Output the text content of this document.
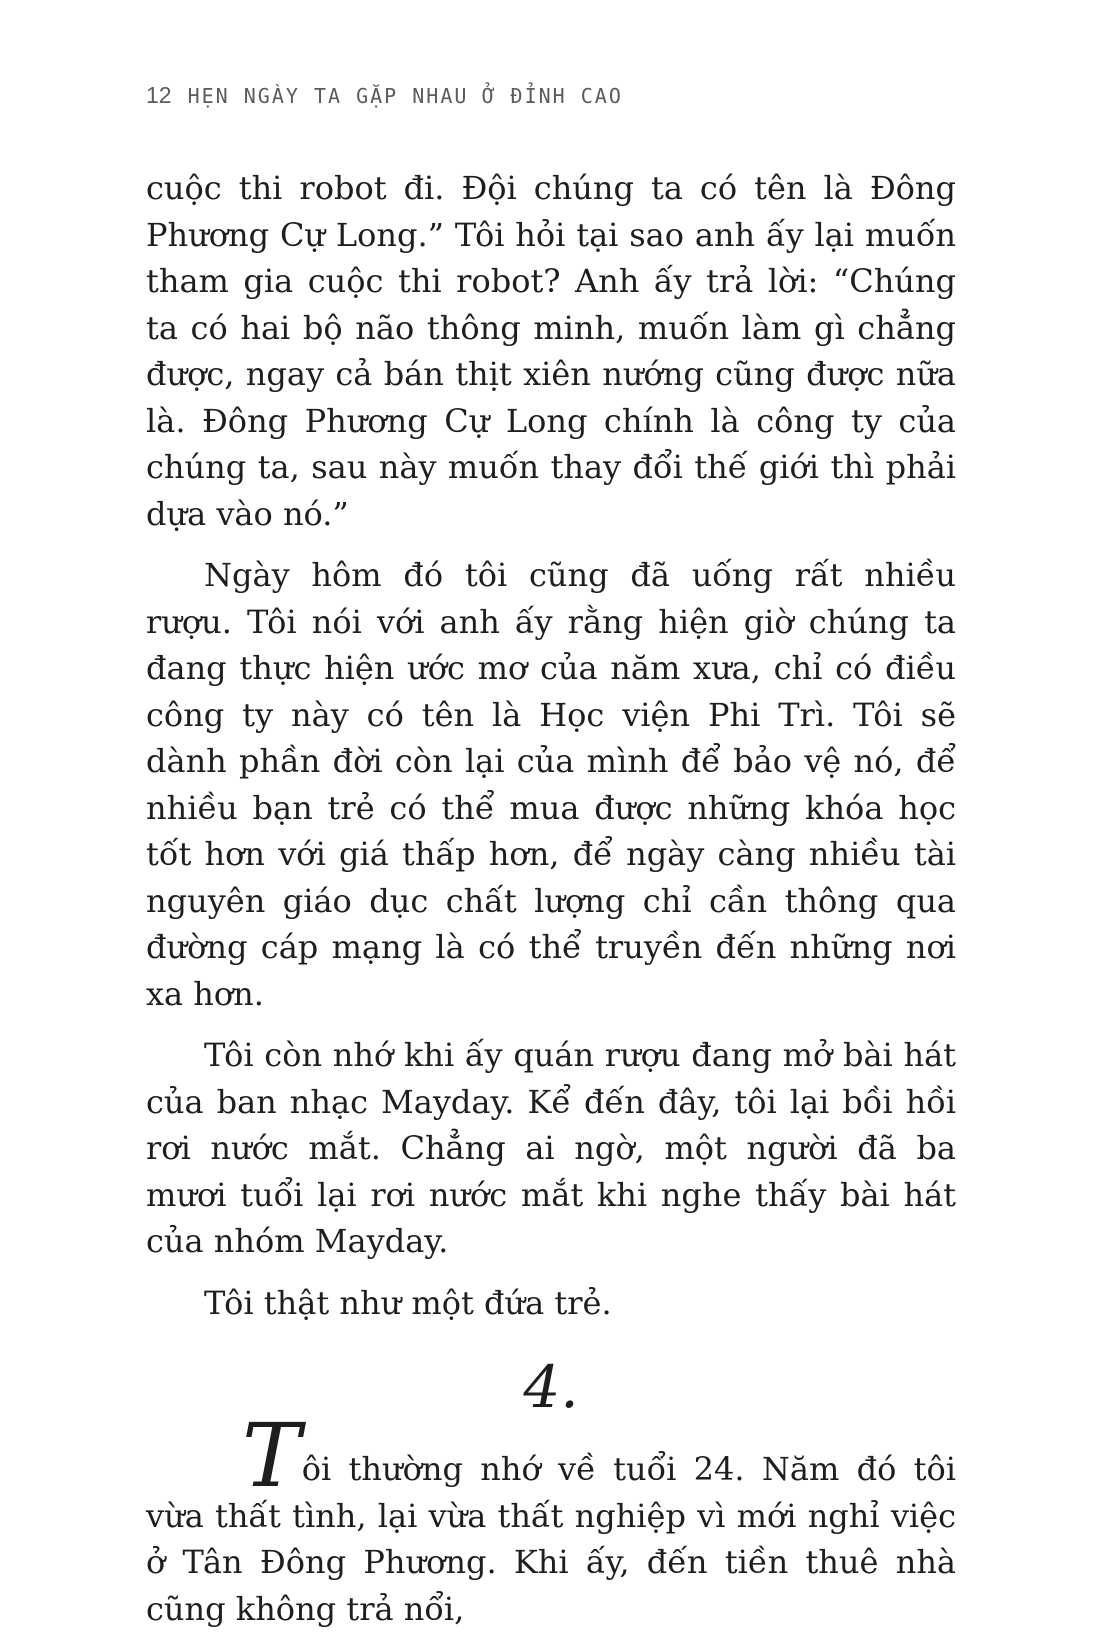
12 HẸN NGÀY TA GẶP NHAU Ở ĐỈNH CAO

cuộc thi robot đi. Đội chúng ta có tên là Đông Phương Cự Long.” Tôi hỏi tại sao anh ấy lại muốn tham gia cuộc thi robot? Anh ấy trả lời: “Chúng ta có hai bộ não thông minh, muốn làm gì chẳng được, ngay cả bán thịt xiên nướng cũng được nữa là. Đông Phương Cự Long chính là công ty của chúng ta, sau này muốn thay đổi thế giới thì phải dựa vào nó.”

Ngày hôm đó tôi cũng đã uống rất nhiều rượu. Tôi nói với anh ấy rằng hiện giờ chúng ta đang thực hiện ước mơ của năm xưa, chỉ có điều công ty này có tên là Học viện Phi Trì. Tôi sẽ dành phần đời còn lại của mình để bảo vệ nó, để nhiều bạn trẻ có thể mua được những khóa học tốt hơn với giá thấp hơn, để ngày càng nhiều tài nguyên giáo dục chất lượng chỉ cần thông qua đường cáp mạng là có thể truyền đến những nơi xa hơn.

Tôi còn nhớ khi ấy quán rượu đang mở bài hát của ban nhạc Mayday. Kể đến đây, tôi lại bồi hồi rơi nước mắt. Chẳng ai ngờ, một người đã ba mươi tuổi lại rơi nước mắt khi nghe thấy bài hát của nhóm Mayday.

Tôi thật như một đứa trẻ.

4.

Tôi thường nhớ về tuổi 24. Năm đó tôi vừa thất tình, lại vừa thất nghiệp vì mới nghỉ việc ở Tân Đông Phương. Khi ấy, đến tiền thuê nhà cũng không trả nổi,
